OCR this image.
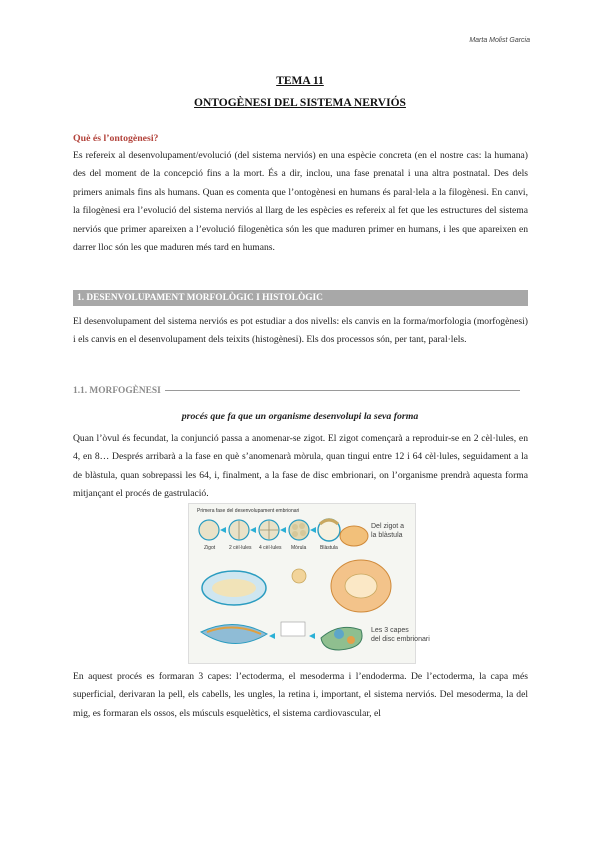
Marta Molist Garcia
TEMA 11
ONTOGÈNESI DEL SISTEMA NERVIÓS
Què és l’ontogènesi?

Es refereix al desenvolupament/evolució (del sistema nerviós) en una espècie concreta (en el nostre cas: la humana) des del moment de la concepció fins a la mort. És a dir, inclou, una fase prenatal i una altra postnatal. Des dels primers animals fins als humans. Quan es comenta que l’ontogènesi en humans és paral·lela a la filogènesi. En canvi, la filogènesi era l’evolució del sistema nerviós al llarg de les espècies es refereix al fet que les estructures del sistema nerviós que primer apareixen a l’evolució filogenètica són les que maduren primer en humans, i les que apareixen en darrer lloc són les que maduren més tard en humans.

1. DESENVOLUPAMENT MORFOLÒGIC I HISTOLÒGIC

El desenvolupament del sistema nerviós es pot estudiar a dos nivells: els canvis en la forma/morfologia (morfogènesi) i els canvis en el desenvolupament dels teixits (histogènesi). Els dos processos són, per tant, paral·lels.

1.1. MORFOGÈNESI
procés que fa que un organisme desenvolupi la seva forma

Quan l’òvul és fecundat, la conjunció passa a anomenar-se zigot. El zigot començarà a reproduir-se en 2 cèl·lules, en 4, en 8… Després arribarà a la fase en què s’anomenarà mòrula, quan tingui entre 12 i 64 cèl·lules, seguidament a la de blàstula, quan sobrepassi les 64, i, finalment, a la fase de disc embrionari, on l’organisme prendrà aquesta forma mitjançant el procés de gastrulació.

Primera fase del desenvolupament embrionari
Zigot	2 cèl·lules 4 cèl·lules Mòrula	Blàstula
Del zigot a la blàstula
Les 3 capes del disc embrionari

En aquest procés es formaran 3 capes: l’ectoderma, el mesoderma i l’endoderma. De l’ectoderma, la capa més superficial, derivaran la pell, els cabells, les ungles, la retina i, important, el sistema nerviós. Del mesoderma, la del mig, es formaran els ossos, els músculs esquelètics, el sistema cardiovascular, el
